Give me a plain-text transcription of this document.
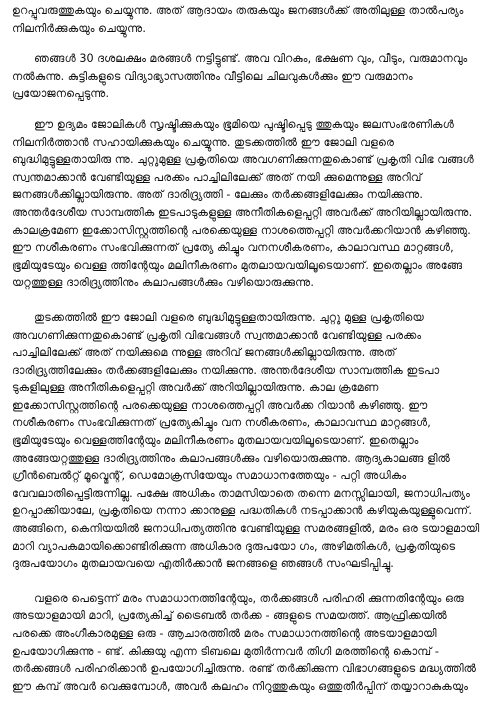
ഉറപ്പുവരുത്തുകയും ചെയ്യുന്നു. അത് ആദായം തരുകയും ജനങ്ങൾക്ക് അതിലുള്ള താൽപര്യം നിലനിർക്കുകയും ചെയ്യുന്നു.

ഞങ്ങൾ 30 ദശലക്ഷം മരങ്ങൾ നട്ടിട്ടുണ്ട്. അവ വിറകും, ഭക്ഷണ വും, വീടും, വരുമാനവും നൽകുന്നു. കുട്ടികളുടെ വിദ്യാഭ്യാസത്തിനും വീട്ടിലെ ചിലവുകൾക്കും ഈ വരുമാനം പ്രയോജനപ്പെടുന്നു.

ഈ ഉദ്യമം ജോലികൾ സൃഷ്ടിക്കുകയും ഭൂമിയെ പുഷ്ടിപ്പെടു ത്തുകയും ജലസംഭരണികൾ നിലനിർത്താൻ സഹായിക്കുകയും ചെയ്യുന്നു. തുടക്കത്തിൽ ഈ ജോലി വളരെ ബുദ്ധിമുട്ടുള്ളതായിരു ന്നു. ചുറ്റുമുള്ള പ്രകൃതിയെ അവഗണിക്കുന്നതുകൊണ്ട് പ്രകൃതി വിഭ വങ്ങൾ സ്വന്തമാക്കാൻ വേണ്ടിയുള്ള പരക്കം പാച്ചിലിലേക്ക് അത് നയി ക്കുമെന്നുള്ള അറിവ് ജനങ്ങൾക്കില്ലായിരുന്നു. അത് ദാരിദ്ര്യത്തി - ലേക്കും തർക്കങ്ങളിലേക്കും നയിക്കുന്നു. അന്തർദേശീയ സാമ്പത്തിക ഇടപാടുകളുള്ള അനീതികളെപ്പറ്റി അവർക്ക് അറിയില്ലായിരുന്നു. കാലക്രമേണ ഇക്കോസിസ്റ്റത്തിന്റെ പരക്കെയുള്ള നാശത്തെപ്പറ്റി അവർക്കറിയാൻ കഴിഞ്ഞു. ഈ നശീകരണം സംഭവിക്കുന്നത് പ്രത്യേ കിച്ചും വനനശീകരണം, കാലാവസ്ഥ മാറ്റങ്ങൾ, ഭൂമിയുടേയും വെള്ള ത്തിന്റേയും മലിനീകരണം മുതലായവയിലൂടെയാണ്. ഇതെല്ലാം അങ്ങേ യറ്റത്തുള്ള ദാരിദ്ര്യത്തിനും കലാപങ്ങൾക്കും വഴിയൊരുക്കുന്നു.

തുടക്കത്തിൽ ഈ ജോലി വളരെ ബുദ്ധിമുട്ടുള്ളതായിരുന്നു. ചുറ്റു മുള്ള പ്രകൃതിയെ അവഗണിക്കുന്നതുകൊണ്ട് പ്രകൃതി വിഭവങ്ങൾ സ്വന്തമാക്കാൻ വേണ്ടിയുള്ള പരക്കം പാച്ചിലിലേക്ക് അത് നയിക്കുമെ ന്നുള്ള അറിവ് ജനങ്ങൾക്കില്ലായിരുന്നു. അത് ദാരിദ്ര്യത്തിലേക്കും തർക്കങ്ങളിലേക്കും നയിക്കുന്നു. അന്തർദേശീയ സാമ്പത്തിക ഇടപാ ടുകളിലുള്ള അനീതികളെപ്പറ്റി അവർക്ക് അറിയില്ലായിരുന്നു. കാല ക്രമേണ ഇക്കോസിസ്റ്റത്തിന്റെ പരക്കെയുള്ള നാശത്തെപ്പറ്റി അവർക്ക റിയാൻ കഴിഞ്ഞു. ഈ നശീകരണം സംഭവിക്കുന്നത് പ്രത്യേകിച്ചും വന നശീകരണം, കാലാവസ്ഥ മാറ്റങ്ങൾ, ഭൂമിയുടേയും വെള്ളത്തിന്റേയും മലിനീകരണം മുതലായവയിലൂടെയാണ്. ഇതെല്ലാം അങ്ങേയറ്റത്തുള്ള ദാരിദ്ര്യത്തിനും കലാപങ്ങൾക്കും വഴിയൊരുക്കുന്നു. ആദ്യകാലങ്ങ ളിൽ ഗ്രീൻബെൽറ്റ് മൂവ്മെന്റ്, ഡെമോക്രസിയേയും സമാധാനത്തേയും - പറ്റി അധികം വേവലാതിപ്പെട്ടിരുന്നില്ല. പക്ഷേ അധികം താമസിയാതെ തന്നെ മനസ്സിലായി, ജനാധിപത്യം ഉറപ്പാക്കിയാലേ, പ്രകൃതിയെ നന്നാ ക്കാനുള്ള പദ്ധതികൾ നടപ്പാക്കാൻ കഴിയുകയുള്ളുവെന്ന്. അങ്ങിനെ, കെനിയയിൽ ജനാധിപത്യത്തിനു വേണ്ടിയുള്ള സമരങ്ങളിൽ, മരം ഒര ടയാളമായി മാറി വ്യാപകമായിക്കൊണ്ടിരിക്കുന്ന അധികാര ദുരുപയോ ഗം, അഴിമതികൾ, പ്രകൃതിയുടെ ദുരുപയോഗം മുതലായവയെ എതിർക്കാൻ ജനങ്ങളെ ഞങ്ങൾ സംഘടിപ്പിച്ചു.

വളരെ പെട്ടെന്ന് മരം സമാധാനത്തിന്റേയും, തർക്കങ്ങൾ പരിഹരി ക്കുന്നതിന്റേയും ഒരു അടയാളമായി മാറി, പ്രത്യേകിച്ച് ട്രൈബൽ തർക്ക - ങ്ങളുടെ സമയത്ത്. ആഫ്രിക്കയിൽ പരക്കെ അംഗീകാരമുള്ള ഒരു - ആചാരത്തിൽ മരം സമാധാനത്തിന്റെ അടയാളമായി ഉപയോഗിക്കുന്നു - ണ്ട്. കിക്കുയു എന്ന ടിബലെ മുതിർന്നവർ തിഗി മരത്തിന്റെ കൊമ്പ് - തർക്കങ്ങൾ പരിഹരിക്കാൻ ഉപയോഗിച്ചിരുന്നു. രണ്ട് തർക്കിക്കുന്ന വിഭാഗങ്ങളുടെ മദ്ധ്യത്തിൽ ഈ കമ്പ് അവർ വെക്കുമ്പോൾ, അവർ കലഹം നിറുത്തുകയും ഒത്തുതീർപ്പിന് തയ്യാറാകുകയും
